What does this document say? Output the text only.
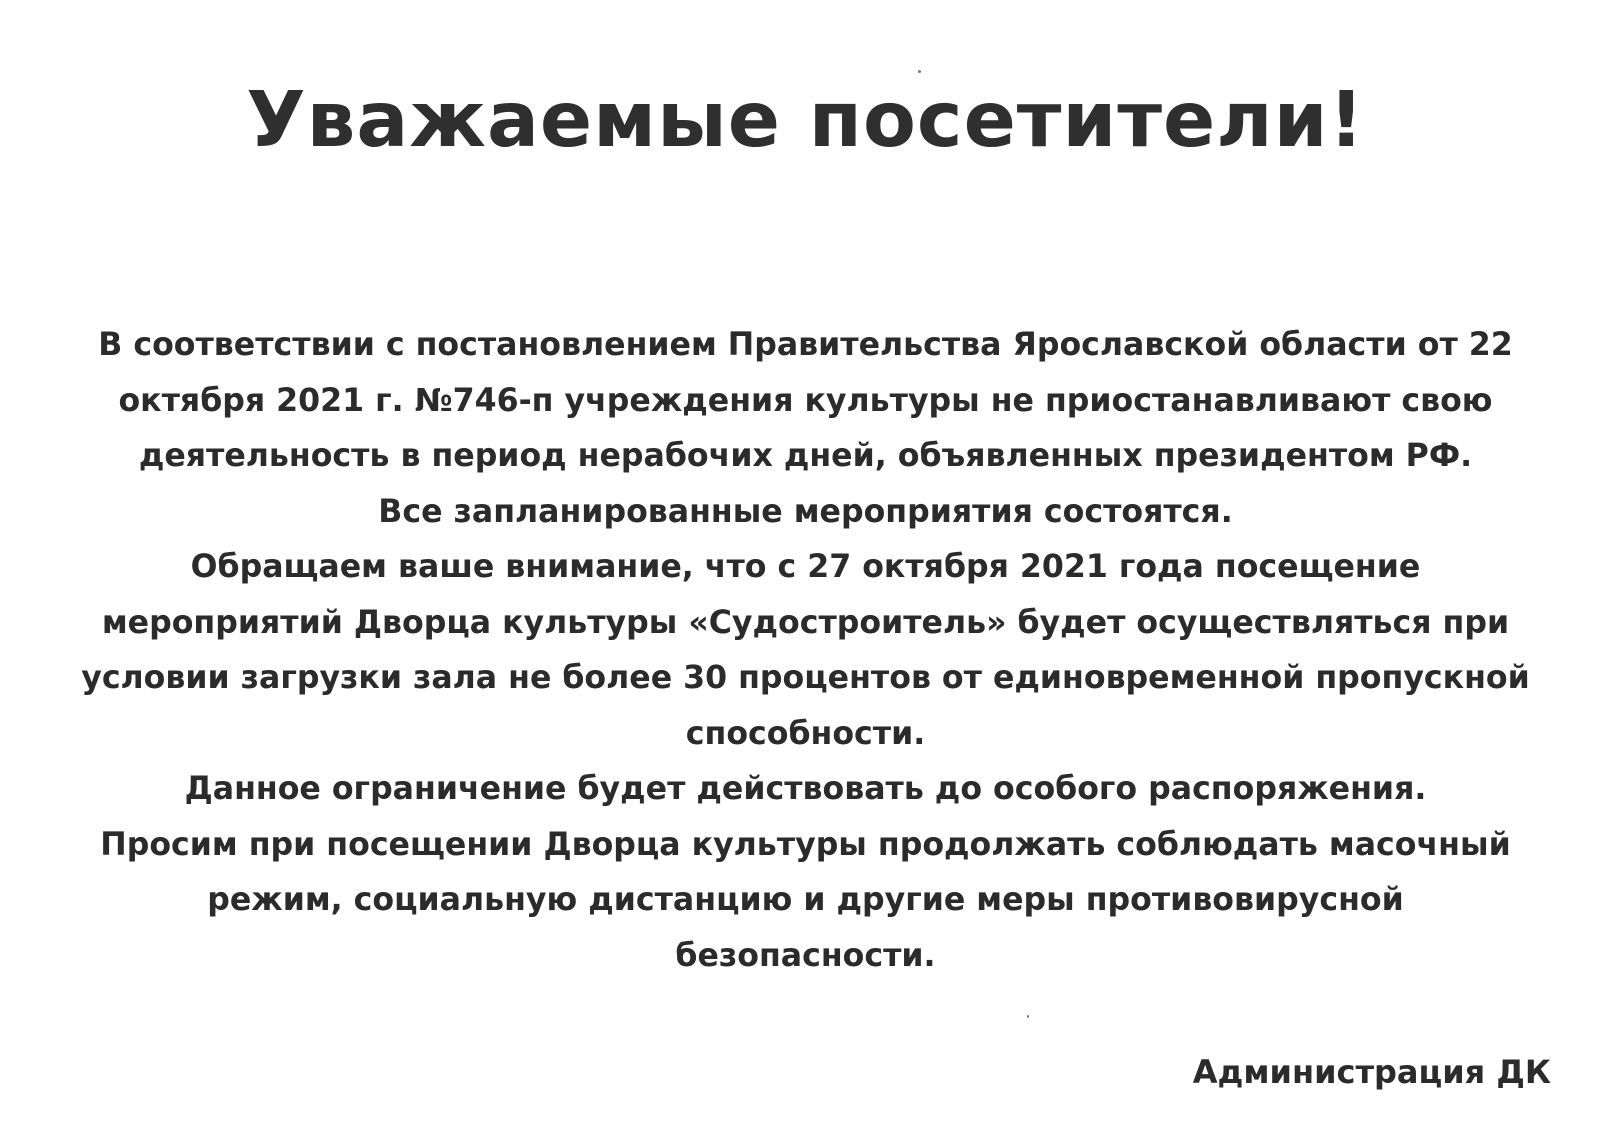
Уважаемые посетители!
В соответствии с постановлением Правительства Ярославской области от 22
октября 2021 г. №746-п учреждения культуры не приостанавливают свою
деятельность в период нерабочих дней, объявленных президентом РФ.
Все запланированные мероприятия состоятся.
Обращаем ваше внимание, что с 27 октября 2021 года посещение
мероприятий Дворца культуры «Судостроитель» будет осуществляться при
условии загрузки зала не более 30 процентов от единовременной пропускной
способности.
Данное ограничение будет действовать до особого распоряжения.
Просим при посещении Дворца культуры продолжать соблюдать масочный
режим, социальную дистанцию и другие меры противовирусной
безопасности.
Администрация ДК
